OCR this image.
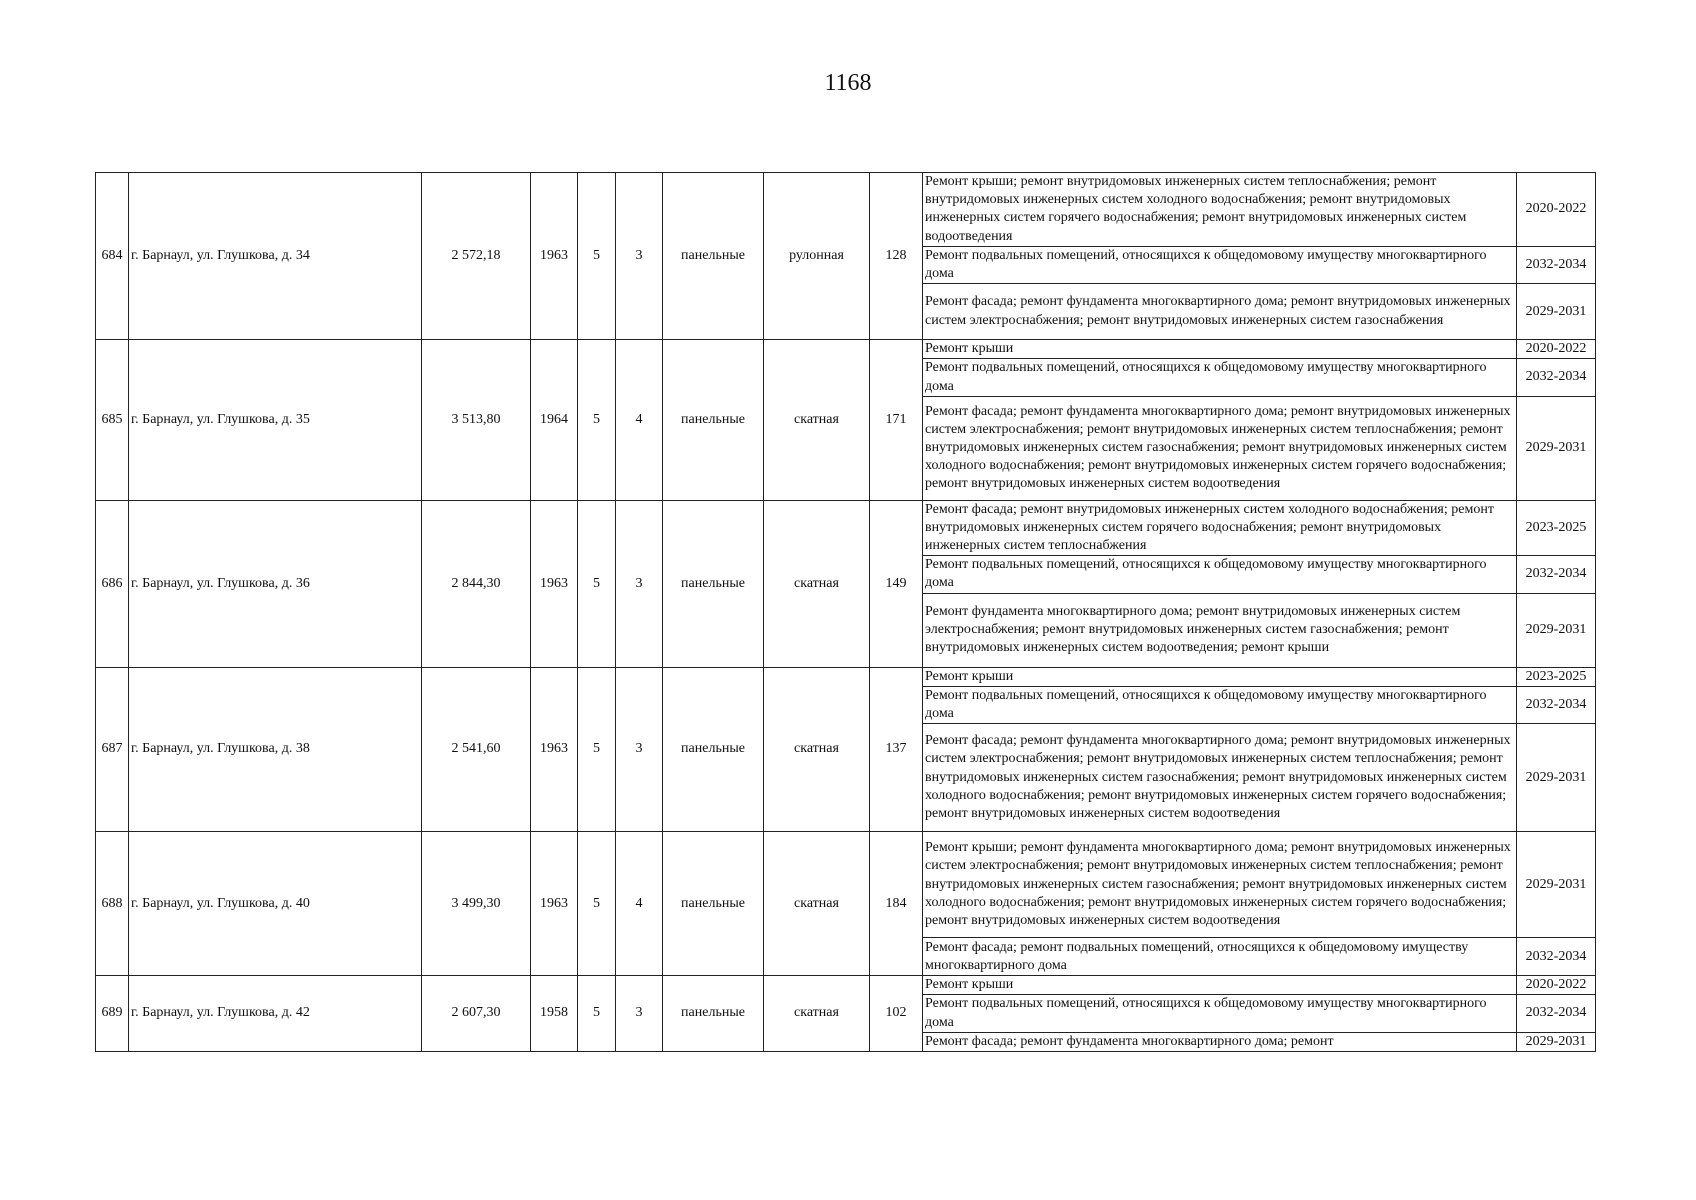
1168
684	г. Барнаул, ул. Глушкова, д. 34	2 572,18	1963	5	3	панельные	рулонная	128	Ремонт крыши; ремонт внутридомовых инженерных систем теплоснабжения; ремонт внутридомовых инженерных систем холодного водоснабжения; ремонт внутридомовых инженерных систем горячего водоснабжения; ремонт внутридомовых инженерных систем водоотведения	2020-2022
									Ремонт подвальных помещений, относящихся к общедомовому имуществу многоквартирного дома	2032-2034
									Ремонт фасада; ремонт фундамента многоквартирного дома; ремонт внутридомовых инженерных систем электроснабжения; ремонт внутридомовых инженерных систем газоснабжения	2029-2031
685	г. Барнаул, ул. Глушкова, д. 35	3 513,80	1964	5	4	панельные	скатная	171	Ремонт крыши	2020-2022
									Ремонт подвальных помещений, относящихся к общедомовому имуществу многоквартирного дома	2032-2034
									Ремонт фасада; ремонт фундамента многоквартирного дома; ремонт внутридомовых инженерных систем электроснабжения; ремонт внутридомовых инженерных систем теплоснабжения; ремонт внутридомовых инженерных систем газоснабжения; ремонт внутридомовых инженерных систем холодного водоснабжения; ремонт внутридомовых инженерных систем горячего водоснабжения; ремонт внутридомовых инженерных систем водоотведения	2029-2031
686	г. Барнаул, ул. Глушкова, д. 36	2 844,30	1963	5	3	панельные	скатная	149	Ремонт фасада; ремонт внутридомовых инженерных систем холодного водоснабжения; ремонт внутридомовых инженерных систем горячего водоснабжения; ремонт внутридомовых инженерных систем теплоснабжения	2023-2025
									Ремонт подвальных помещений, относящихся к общедомовому имуществу многоквартирного дома	2032-2034
									Ремонт фундамента многоквартирного дома; ремонт внутридомовых инженерных систем электроснабжения; ремонт внутридомовых инженерных систем газоснабжения; ремонт внутридомовых инженерных систем водоотведения; ремонт крыши	2029-2031
687	г. Барнаул, ул. Глушкова, д. 38	2 541,60	1963	5	3	панельные	скатная	137	Ремонт крыши	2023-2025
									Ремонт подвальных помещений, относящихся к общедомовому имуществу многоквартирного дома	2032-2034
									Ремонт фасада; ремонт фундамента многоквартирного дома; ремонт внутридомовых инженерных систем электроснабжения; ремонт внутридомовых инженерных систем теплоснабжения; ремонт внутридомовых инженерных систем газоснабжения; ремонт внутридомовых инженерных систем холодного водоснабжения; ремонт внутридомовых инженерных систем горячего водоснабжения; ремонт внутридомовых инженерных систем водоотведения	2029-2031
688	г. Барнаул, ул. Глушкова, д. 40	3 499,30	1963	5	4	панельные	скатная	184	Ремонт крыши; ремонт фундамента многоквартирного дома; ремонт внутридомовых инженерных систем электроснабжения; ремонт внутридомовых инженерных систем теплоснабжения; ремонт внутридомовых инженерных систем газоснабжения; ремонт внутридомовых инженерных систем холодного водоснабжения; ремонт внутридомовых инженерных систем горячего водоснабжения; ремонт внутридомовых инженерных систем водоотведения	2029-2031
									Ремонт фасада; ремонт подвальных помещений, относящихся к общедомовому имуществу многоквартирного дома	2032-2034
689	г. Барнаул, ул. Глушкова, д. 42	2 607,30	1958	5	3	панельные	скатная	102	Ремонт крыши	2020-2022
									Ремонт подвальных помещений, относящихся к общедомовому имуществу многоквартирного дома	2032-2034
									Ремонт фасада; ремонт фундамента многоквартирного дома; ремонт	2029-2031
